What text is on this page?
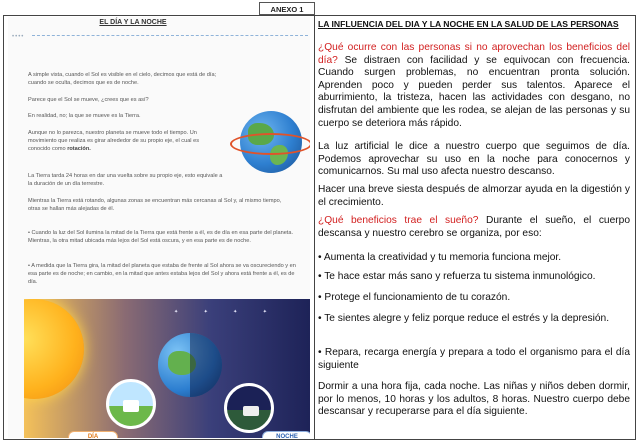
ANEXO 1
EL DÍA Y LA NOCHE
••••

A simple vista, cuando el Sol es visible en el cielo, decimos que está de día; cuando se oculta, decimos que es de noche.

Parece que el Sol se mueve, ¿crees que es así?

En realidad, no; la que se mueve es la Tierra.

Aunque no lo parezca, nuestro planeta se mueve todo el tiempo. Un movimiento que realiza es girar alrededor de su propio eje, el cual es conocido como rotación.

La Tierra tarda 24 horas en dar una vuelta sobre su propio eje, esto equivale a la duración de un día terrestre.

Mientras la Tierra está rotando, algunas zonas se encuentran más cercanas al Sol y, al mismo tiempo, otras se hallan más alejadas de él.

• Cuando la luz del Sol ilumina la mitad de la Tierra que está frente a él, es de día en esa parte del planeta. Mientras, la otra mitad ubicada más lejos del Sol está oscura, y en esa parte es de noche.

• A medida que la Tierra gira, la mitad del planeta que estaba de frente al Sol ahora se va oscureciendo y en esa parte es de noche; en cambio, en la mitad que antes estaba lejos del Sol y ahora está frente a él, es de día.

✦ ✦ ✦ ✦
DÍA	NOCHE
LA INFLUENCIA DEL DIA Y LA NOCHE EN LA SALUD DE LAS PERSONAS

¿Qué ocurre con las personas si no aprovechan los beneficios del día? Se distraen con facilidad y se equivocan con frecuencia. Cuando surgen problemas, no encuentran pronta solución. Aprenden poco y pueden perder sus talentos. Aparece el aburrimiento, la tristeza, hacen las actividades con desgano, no disfrutan del ambiente que les rodea, se alejan de las personas y su cuerpo se deteriora más rápido.

La luz artificial le dice a nuestro cuerpo que seguimos de día. Podemos aprovechar su uso en la noche para conocernos y comunicarnos. Su mal uso afecta nuestro descanso.

Hacer una breve siesta después de almorzar ayuda en la digestión y el crecimiento.

¿Qué beneficios trae el sueño? Durante el sueño, el cuerpo descansa y nuestro cerebro se organiza, por eso:

• Aumenta la creatividad y tu memoria funciona mejor.

• Te hace estar más sano y refuerza tu sistema inmunológico.

• Protege el funcionamiento de tu corazón.

• Te sientes alegre y feliz porque reduce el estrés y la depresión.

• Repara, recarga energía y prepara a todo el organismo para el día siguiente

Dormir a una hora fija, cada noche. Las niñas y niños deben dormir, por lo menos, 10 horas y los adultos, 8 horas. Nuestro cuerpo debe descansar y recuperarse para el día siguiente.
